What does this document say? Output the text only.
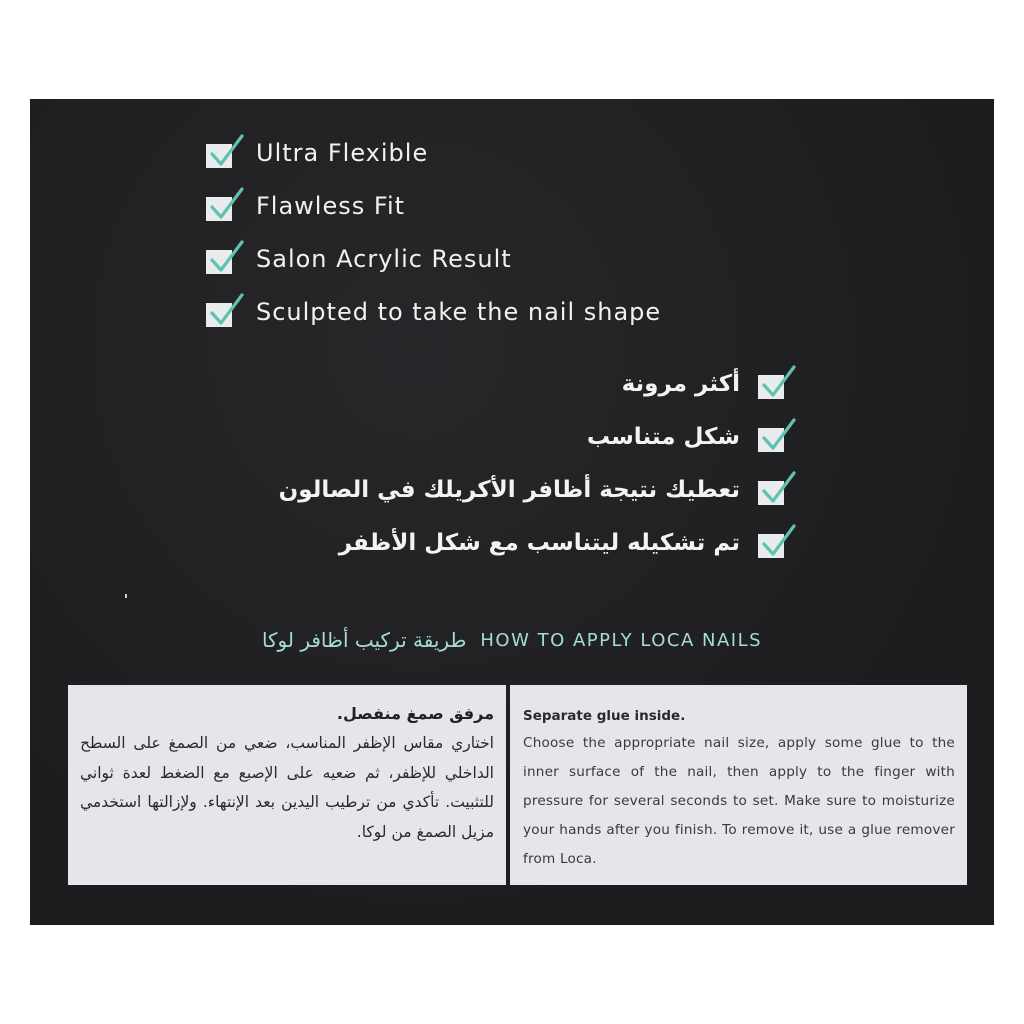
Ultra Flexible
Flawless Fit
Salon Acrylic Result
Sculpted to take the nail shape
أكثر مرونة
شكل متناسب
تعطيك نتيجة أظافر الأكريلك في الصالون
تم تشكيله ليتناسب مع شكل الأظفر
طريقة تركيب أظافر لوكا HOW TO APPLY LOCA NAILS
مرفق صمغ منفصل.
اختاري مقاس الإظفر المناسب، ضعي من الصمغ على السطح الداخلي للإظفر، ثم ضعيه على الإصبع مع الضغط لعدة ثواني للتثبيت. تأكدي من ترطيب اليدين بعد الإنتهاء. ولإزالتها استخدمي مزيل الصمغ من لوكا.
Separate glue inside.
Choose the appropriate nail size, apply some glue to the inner surface of the nail, then apply to the finger with pressure for several seconds to set. Make sure to moisturize your hands after you finish. To remove it, use a glue remover from Loca.
